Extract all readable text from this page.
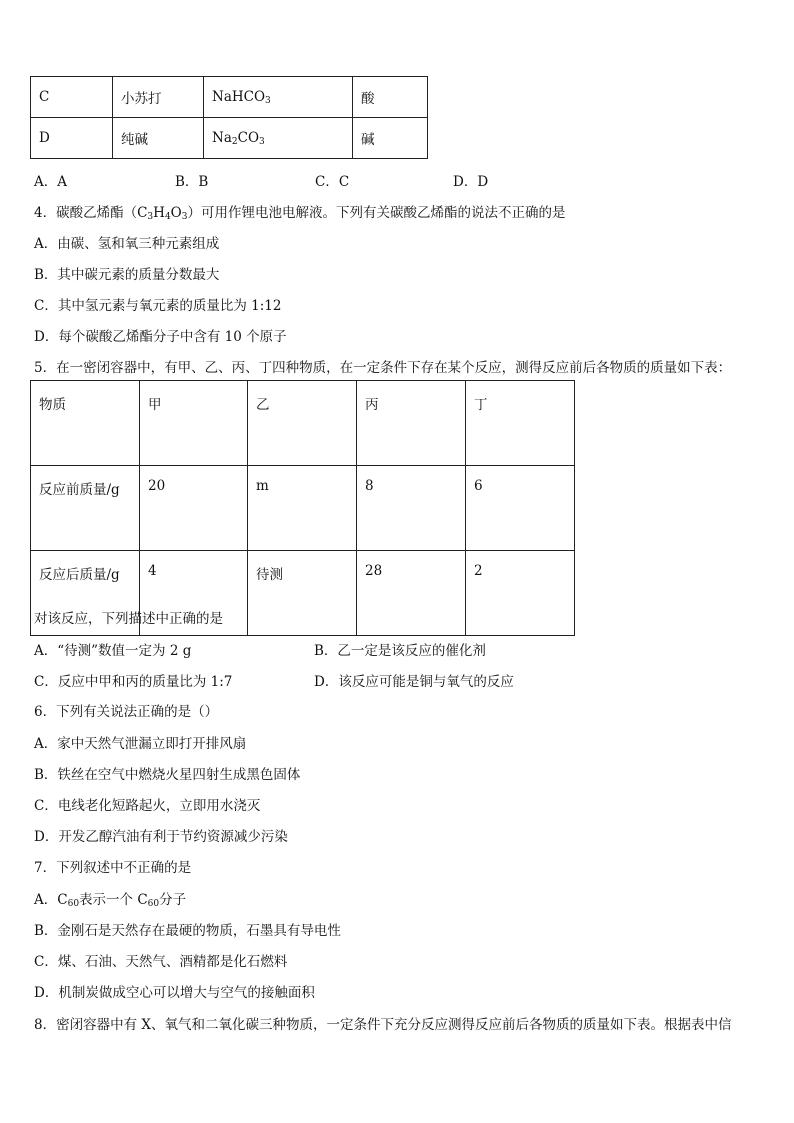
C	小苏打	NaHCO$_3$	酸
D	纯碱	$Na_2CO_3$	碱
A．A	B．B	C．C	D．D
4．碳酸乙烯酯$(C_3H_4O_3)$可用作锂电池电解液。下列有关碳酸乙烯酯的说法不正确的是
A．由碳、氢和氧三种元素组成
B．其中碳元素的质量分数最大
C．其中氢元素与氧元素的质量比为 1:12
D．每个碳酸乙烯酯分子中含有 10 个原子
5．在一密闭容器中，有甲、乙、丙、丁四种物质，在一定条件下存在某个反应，测得反应前后各物质的质量如下表：
物质	甲	乙	丙	丁
反应前质量/g	20	m	8	6
反应后质量/g	4	待测	28	2
对该反应，下列描述中正确的是
A．“待测”数值一定为 2 g	B．乙一定是该反应的催化剂
C．反应中甲和丙的质量比为 1:7	D．该反应可能是铜与氧气的反应
6．下列有关说法正确的是（）
A．家中天然气泄漏立即打开排风扇
B．铁丝在空气中燃烧火星四射生成黑色固体
C．电线老化短路起火，立即用水浇灭
D．开发乙醇汽油有利于节约资源减少污染
7．下列叙述中不正确的是
A．$C_{60}$表示一个 $C_{60}$分子
B．金刚石是天然存在最硬的物质，石墨具有导电性
C．煤、石油、天然气、酒精都是化石燃料
D．机制炭做成空心可以增大与空气的接触面积
8．密闭容器中有 X、氧气和二氧化碳三种物质，一定条件下充分反应测得反应前后各物质的质量如下表。根据表中信
